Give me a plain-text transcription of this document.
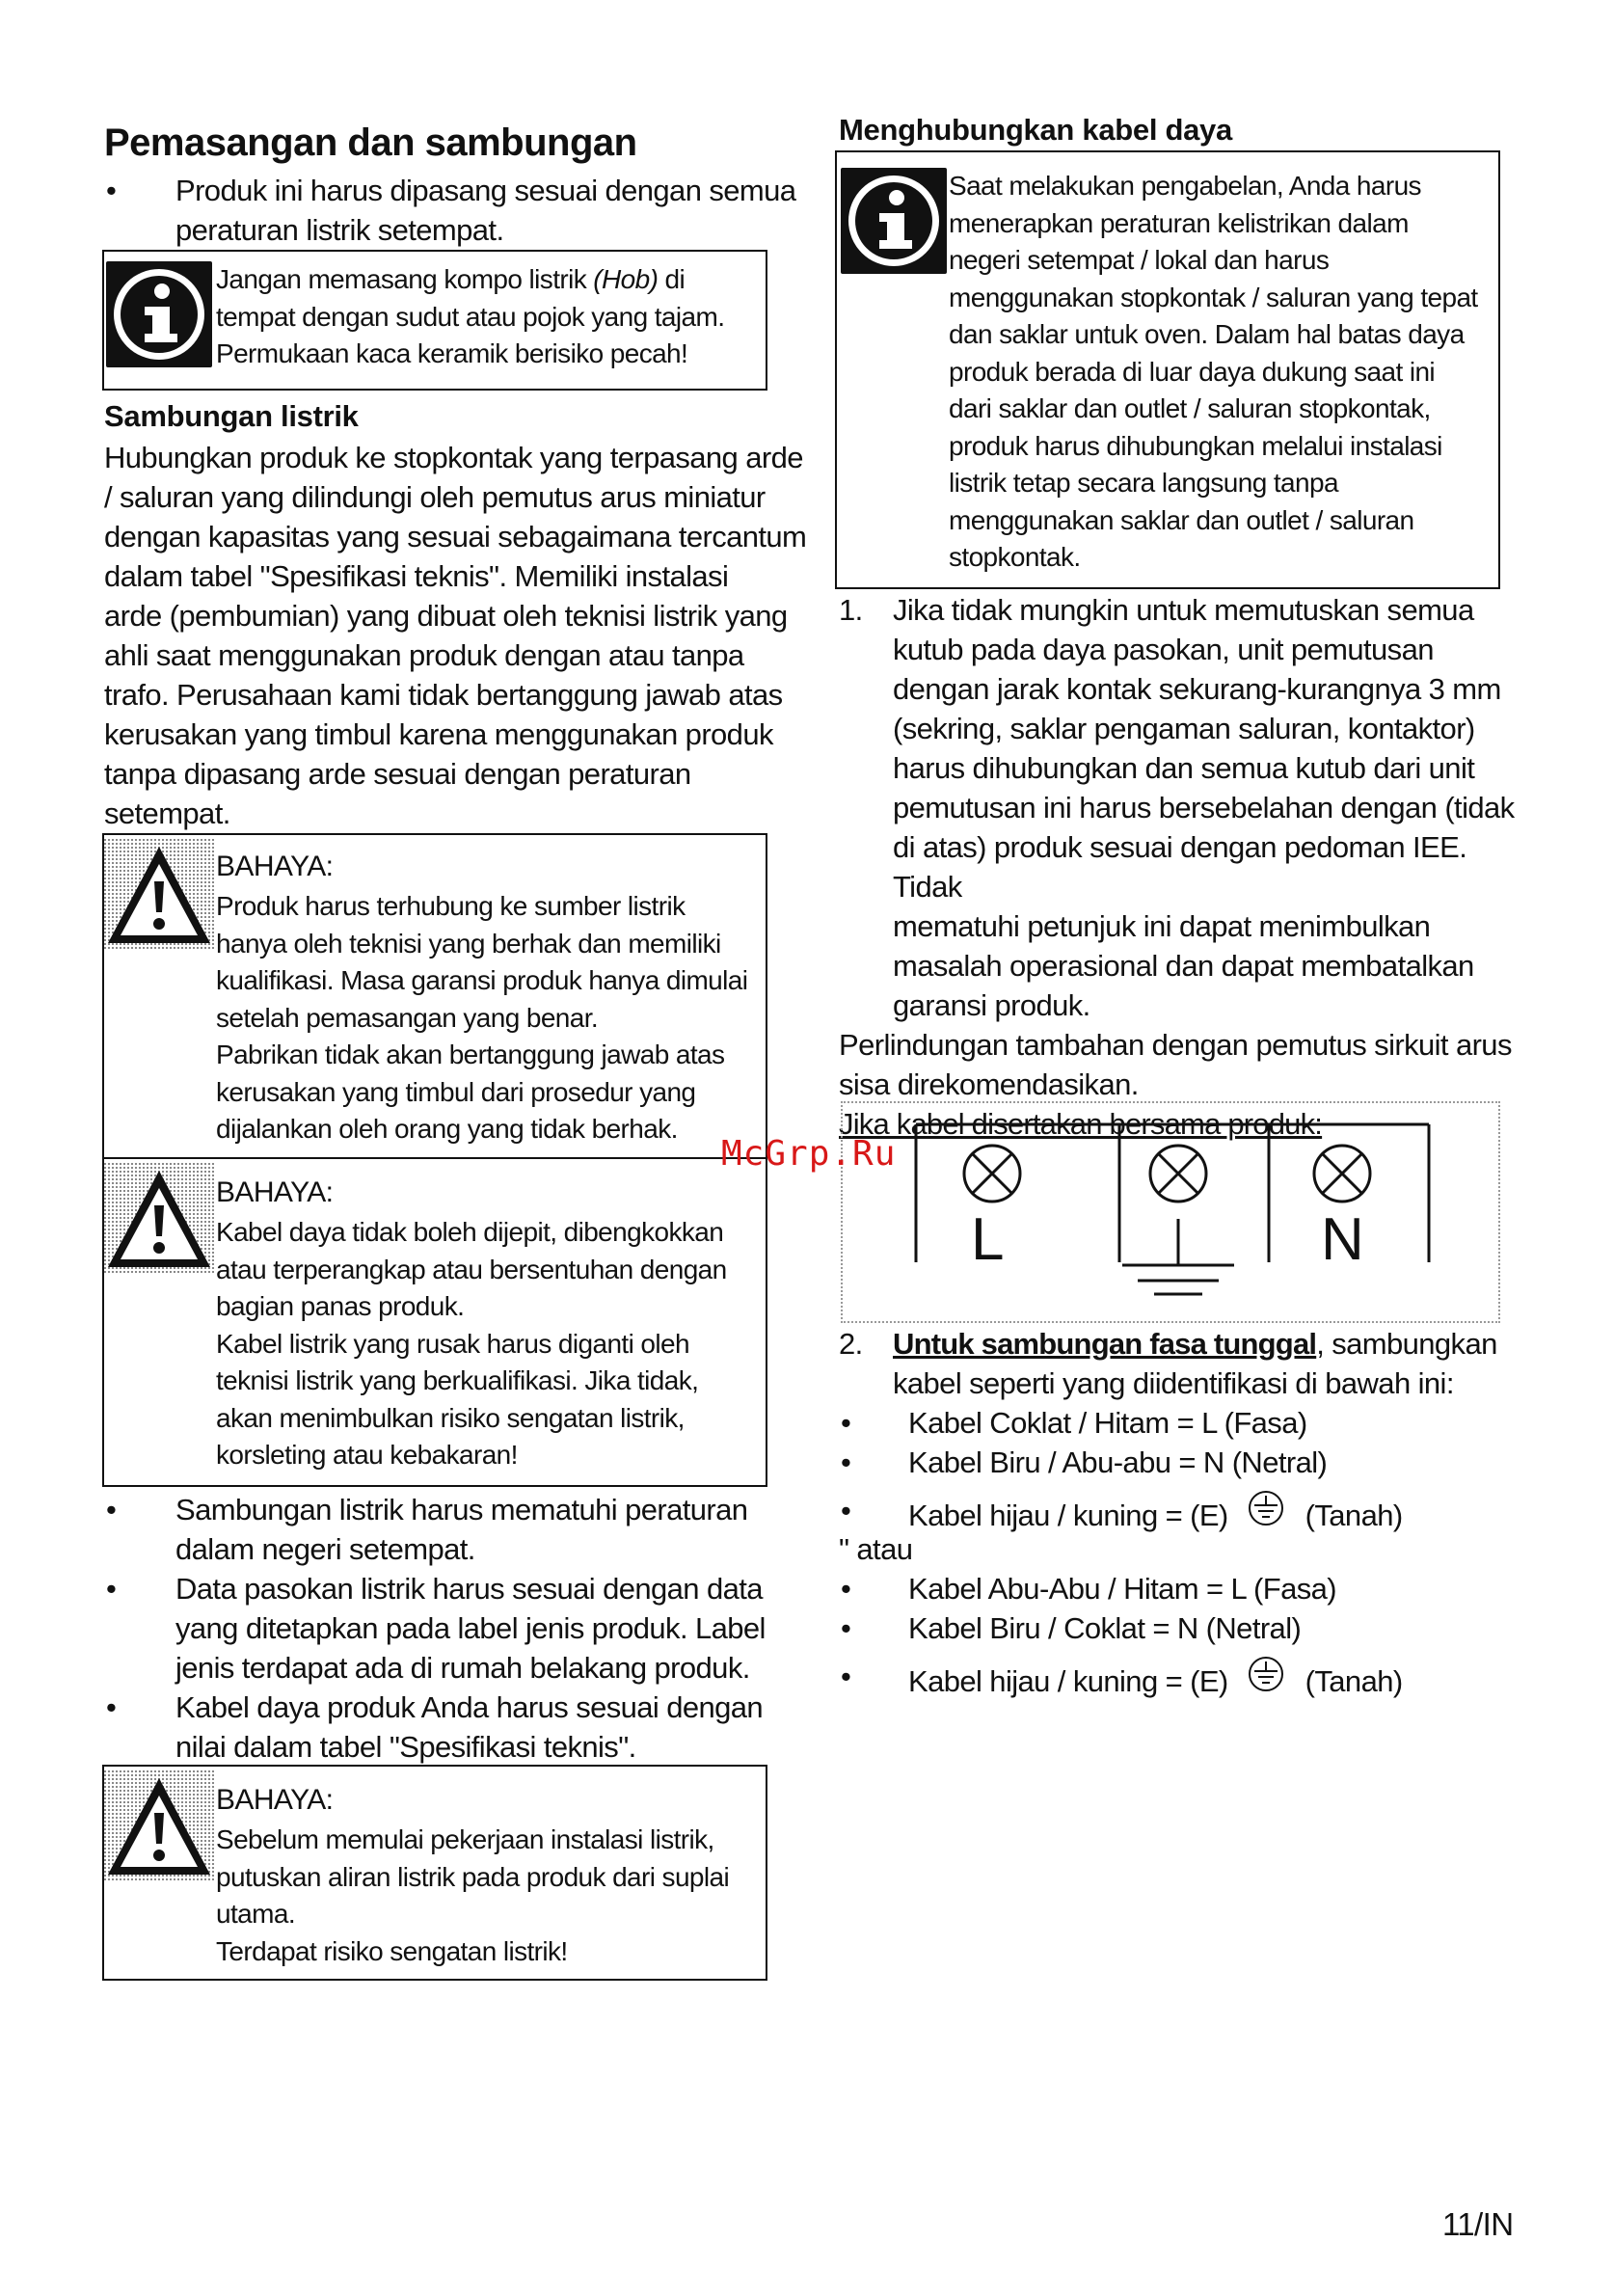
Pemasangan dan sambungan
• Produk ini harus dipasang sesuai dengan semua peraturan listrik setempat.
Jangan memasang kompo listrik (Hob) di
tempat dengan sudut atau pojok yang tajam.
Permukaan kaca keramik berisiko pecah!
Sambungan listrik
Hubungkan produk ke stopkontak yang terpasang arde
/ saluran yang dilindungi oleh pemutus arus miniatur
dengan kapasitas yang sesuai sebagaimana tercantum
dalam tabel "Spesifikasi teknis". Memiliki instalasi
arde (pembumian) yang dibuat oleh teknisi listrik yang
ahli saat menggunakan produk dengan atau tanpa
trafo. Perusahaan kami tidak bertanggung jawab atas
kerusakan yang timbul karena menggunakan produk
tanpa dipasang arde sesuai dengan peraturan
setempat.
BAHAYA:
Produk harus terhubung ke sumber listrik
hanya oleh teknisi yang berhak dan memiliki
kualifikasi. Masa garansi produk hanya dimulai
setelah pemasangan yang benar.
Pabrikan tidak akan bertanggung jawab atas
kerusakan yang timbul dari prosedur yang
dijalankan oleh orang yang tidak berhak.
BAHAYA:
Kabel daya tidak boleh dijepit, dibengkokkan
atau terperangkap atau bersentuhan dengan
bagian panas produk.
Kabel listrik yang rusak harus diganti oleh
teknisi listrik yang berkualifikasi. Jika tidak,
akan menimbulkan risiko sengatan listrik,
korsleting atau kebakaran!
• Sambungan listrik harus mematuhi peraturan
dalam negeri setempat.
• Data pasokan listrik harus sesuai dengan data
yang ditetapkan pada label jenis produk. Label
jenis terdapat ada di rumah belakang produk.
• Kabel daya produk Anda harus sesuai dengan
nilai dalam tabel "Spesifikasi teknis".
BAHAYA:
Sebelum memulai pekerjaan instalasi listrik,
putuskan aliran listrik pada produk dari suplai
utama.
Terdapat risiko sengatan listrik!
Menghubungkan kabel daya
Saat melakukan pengabelan, Anda harus
menerapkan peraturan kelistrikan dalam
negeri setempat / lokal dan harus
menggunakan stopkontak / saluran yang tepat
dan saklar untuk oven. Dalam hal batas daya
produk berada di luar daya dukung saat ini
dari saklar dan outlet / saluran stopkontak,
produk harus dihubungkan melalui instalasi
listrik tetap secara langsung tanpa
menggunakan saklar dan outlet / saluran
stopkontak.
1. Jika tidak mungkin untuk memutuskan semua
kutub pada daya pasokan, unit pemutusan
dengan jarak kontak sekurang-kurangnya 3 mm
(sekring, saklar pengaman saluran, kontaktor)
harus dihubungkan dan semua kutub dari unit
pemutusan ini harus bersebelahan dengan (tidak
di atas) produk sesuai dengan pedoman IEE. Tidak
mematuhi petunjuk ini dapat menimbulkan
masalah operasional dan dapat membatalkan
garansi produk.
Perlindungan tambahan dengan pemutus sirkuit arus
sisa direkomendasikan.
Jika kabel disertakan bersama produk:
L	N
2. Untuk sambungan fasa tunggal, sambungkan
kabel seperti yang diidentifikasi di bawah ini:
• Kabel Coklat / Hitam = L (Fasa)
• Kabel Biru / Abu-abu = N (Netral)
• Kabel hijau / kuning = (E)	(Tanah)
" atau
• Kabel Abu-Abu / Hitam = L (Fasa)
• Kabel Biru / Coklat = N (Netral)
• Kabel hijau / kuning = (E)	(Tanah)
McGrp.Ru
11/IN
